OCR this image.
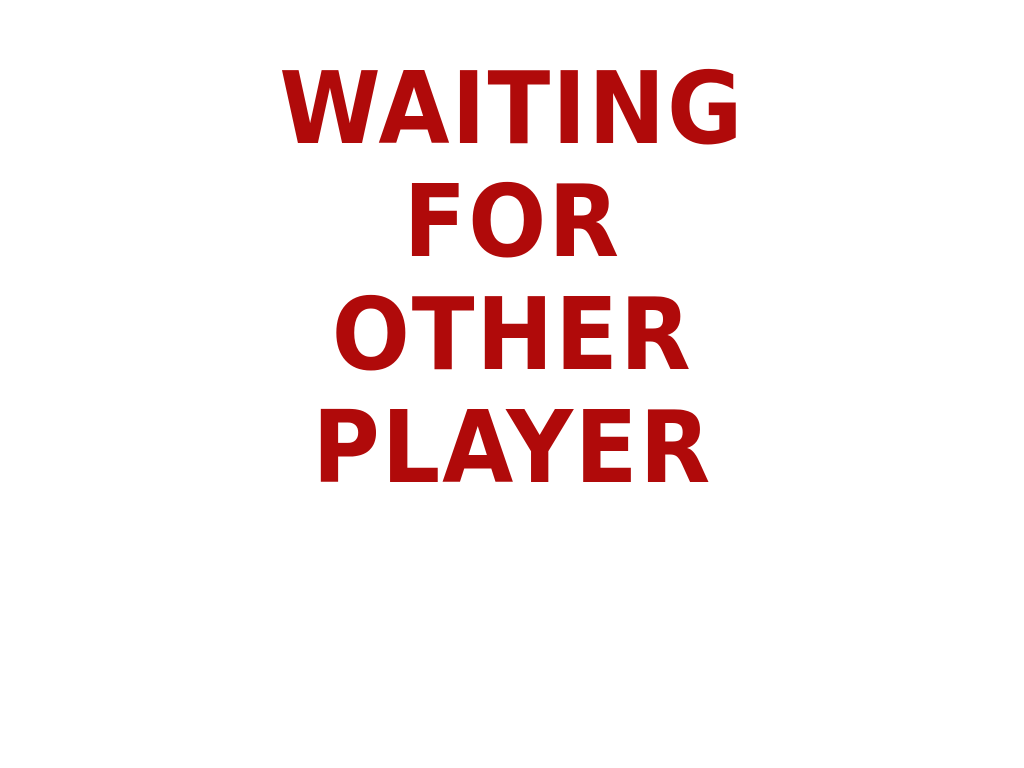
WAITING
FOR
OTHER
PLAYER
